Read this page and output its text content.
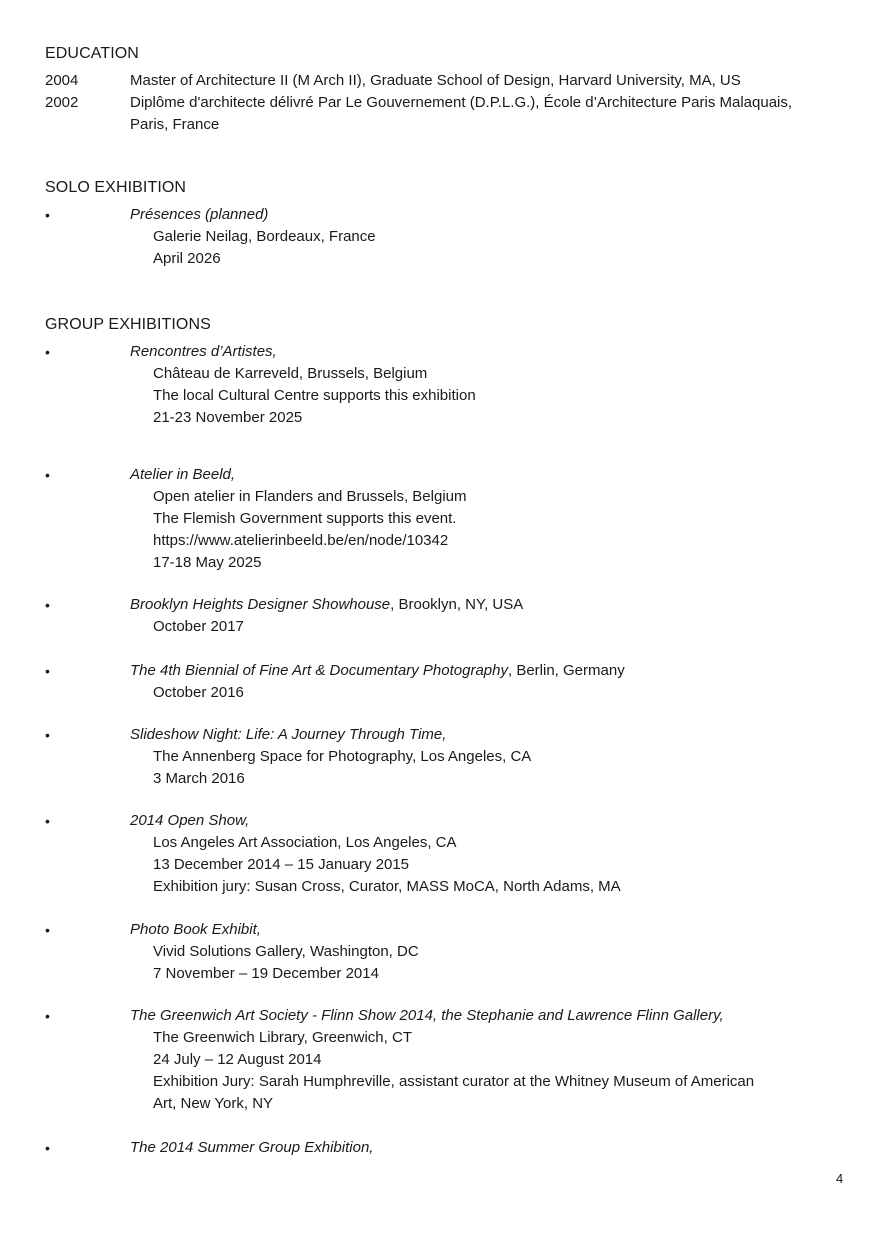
EDUCATION
2004	Master of Architecture II (M Arch II), Graduate School of Design, Harvard University, MA, US
2002	Diplôme d'architecte délivré Par Le Gouvernement (D.P.L.G.), École d’Architecture Paris Malaquais,
Paris, France
SOLO EXHIBITION
•	Présences (planned)
Galerie Neilag, Bordeaux, France
April 2026
GROUP EXHIBITIONS
•	Rencontres d’Artistes,
Château de Karreveld, Brussels, Belgium
The local Cultural Centre supports this exhibition
21-23 November 2025
•	Atelier in Beeld,
Open atelier in Flanders and Brussels, Belgium
The Flemish Government supports this event.
https://www.atelierinbeeld.be/en/node/10342
17-18 May 2025
•	Brooklyn Heights Designer Showhouse, Brooklyn, NY, USA
October 2017
•	The 4th Biennial of Fine Art & Documentary Photography, Berlin, Germany
October 2016
•	Slideshow Night: Life: A Journey Through Time,
The Annenberg Space for Photography, Los Angeles, CA
3 March 2016
•	2014 Open Show,
Los Angeles Art Association, Los Angeles, CA
13 December 2014 – 15 January 2015
Exhibition jury: Susan Cross, Curator, MASS MoCA, North Adams, MA
•	Photo Book Exhibit,
Vivid Solutions Gallery, Washington, DC
7 November – 19 December 2014
•	The Greenwich Art Society - Flinn Show 2014, the Stephanie and Lawrence Flinn Gallery,
The Greenwich Library, Greenwich, CT
24 July – 12 August 2014
Exhibition Jury: Sarah Humphreville, assistant curator at the Whitney Museum of American
Art, New York, NY
•	The 2014 Summer Group Exhibition,
4
